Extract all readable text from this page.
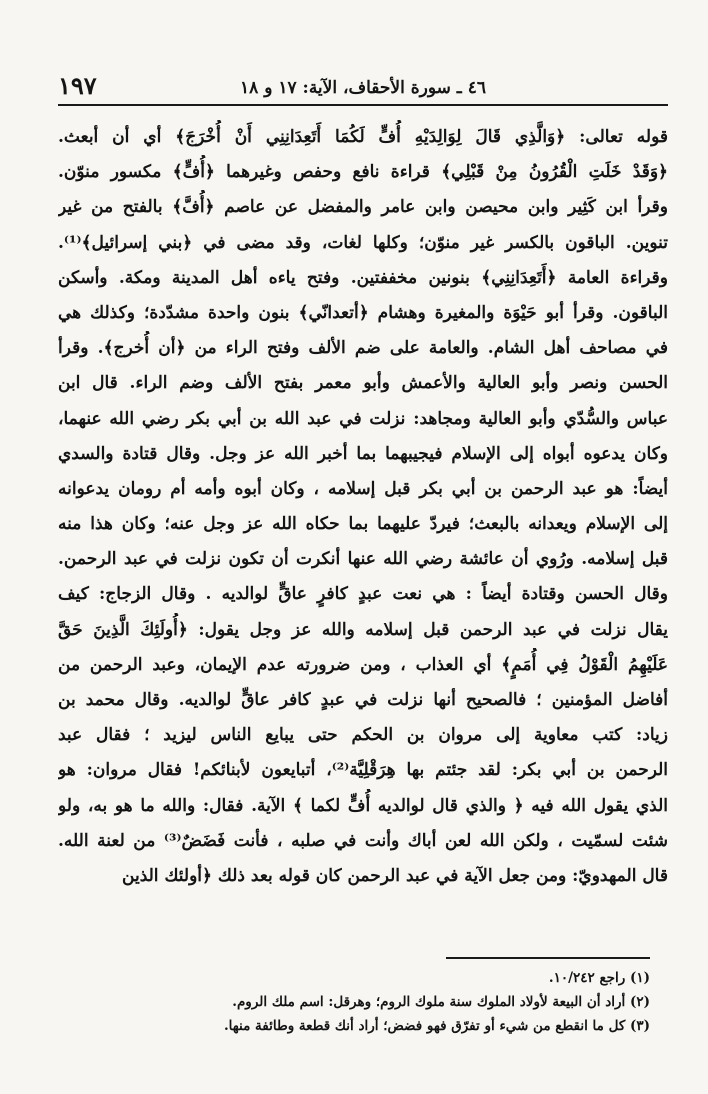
١٩٧	٤٦ ـ سورة الأحقاف، الآية: ١٧ و ١٨
قوله تعالى: ﴿وَالَّذِي قَالَ لِوَالِدَيْهِ أُفٍّ لَكُمَا أَتَعِدَانِنِي أَنْ أُخْرَجَ﴾ أي أن أبعث.
﴿وَقَدْ خَلَتِ الْقُرُونُ مِنْ قَبْلِي﴾ قراءة نافع وحفص وغيرهما ﴿أُفٍّ﴾ مكسور منوّن.
وقرأ ابن كَثِير وابن محيصن وابن عامر والمفضل عن عاصم ﴿أُفَّ﴾ بالفتح من غير
تنوين. الباقون بالكسر غير منوّن؛ وكلها لغات، وقد مضى في ﴿بني إسرائيل﴾⁽¹⁾.
وقراءة العامة ﴿أَتَعِدَانِنِي﴾ بنونين مخففتين. وفتح ياءه أهل المدينة ومكة. وأسكن
الباقون. وقرأ أبو حَيْوَة والمغيرة وهشام ﴿أتعدانّي﴾ بنون واحدة مشدّدة؛ وكذلك هي
في مصاحف أهل الشام. والعامة على ضم الألف وفتح الراء من ﴿أن أُخرج﴾. وقرأ
الحسن ونصر وأبو العالية والأعمش وأبو معمر بفتح الألف وضم الراء. قال ابن
عباس والسُّدّي وأبو العالية ومجاهد: نزلت في عبد الله بن أبي بكر رضي الله عنهما،
وكان يدعوه أبواه إلى الإسلام فيجيبهما بما أخبر الله عز وجل. وقال قتادة والسدي
أيضاً: هو عبد الرحمن بن أبي بكر قبل إسلامه ، وكان أبوه وأمه أم رومان يدعوانه
إلى الإسلام ويعدانه بالبعث؛ فيردّ عليهما بما حكاه الله عز وجل عنه؛ وكان هذا منه
قبل إسلامه. ورُوي أن عائشة رضي الله عنها أنكرت أن تكون نزلت في عبد الرحمن.
وقال الحسن وقتادة أيضاً : هي نعت عبدٍ كافرٍ عاقٍّ لوالديه . وقال الزجاج: كيف
يقال نزلت في عبد الرحمن قبل إسلامه والله عز وجل يقول: ﴿أُولَئِكَ الَّذِينَ حَقَّ
عَلَيْهِمُ الْقَوْلُ فِي أُمَمٍ﴾ أي العذاب ، ومن ضرورته عدم الإيمان، وعبد الرحمن من
أفاضل المؤمنين ؛ فالصحيح أنها نزلت في عبدٍ كافر عاقٍّ لوالديه. وقال محمد بن
زياد: كتب معاوية إلى مروان بن الحكم حتى يبايع الناس ليزيد ؛ فقال عبد
الرحمن بن أبي بكر: لقد جئتم بها هِرَقْلِيَّة⁽²⁾، أتبايعون لأبنائكم! فقال مروان: هو
الذي يقول الله فيه ﴿ والذي قال لوالديه أُفٍّ لكما ﴾ الآية. فقال: والله ما هو به، ولو
شئت لسمّيت ، ولكن الله لعن أباك وأنت في صلبه ، فأنت فَضَضٌ⁽³⁾ من لعنة الله.
قال المهدويّ: ومن جعل الآية في عبد الرحمن كان قوله بعد ذلك ﴿أولئك الذين
(١) راجع ١٠/٢٤٢.
(٢) أراد أن البيعة لأولاد الملوك سنة ملوك الروم؛ وهرقل: اسم ملك الروم.
(٣) كل ما انقطع من شيء أو تفرّق فهو فضض؛ أراد أنك قطعة وطائفة منها.
